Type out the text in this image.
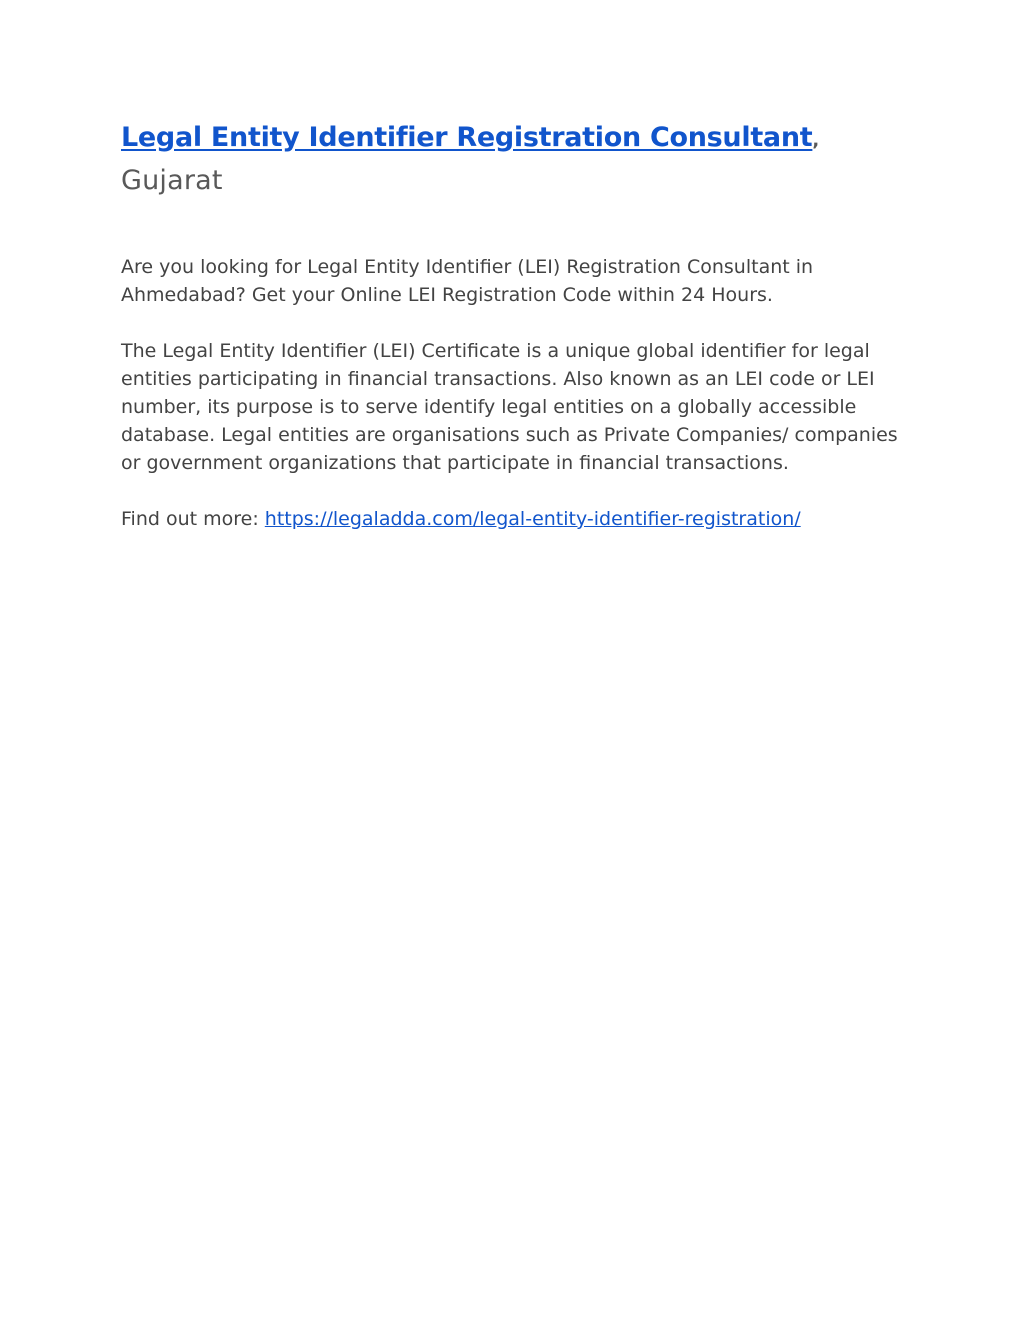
Legal Entity Identifier Registration Consultant,
Gujarat

Are you looking for Legal Entity Identifier (LEI) Registration Consultant in Ahmedabad? Get your Online LEI Registration Code within 24 Hours.

The Legal Entity Identifier (LEI) Certificate is a unique global identifier for legal entities participating in financial transactions. Also known as an LEI code or LEI number, its purpose is to serve identify legal entities on a globally accessible database. Legal entities are organisations such as Private Companies/ companies or government organizations that participate in financial transactions.

Find out more: https://legaladda.com/legal-entity-identifier-registration/
